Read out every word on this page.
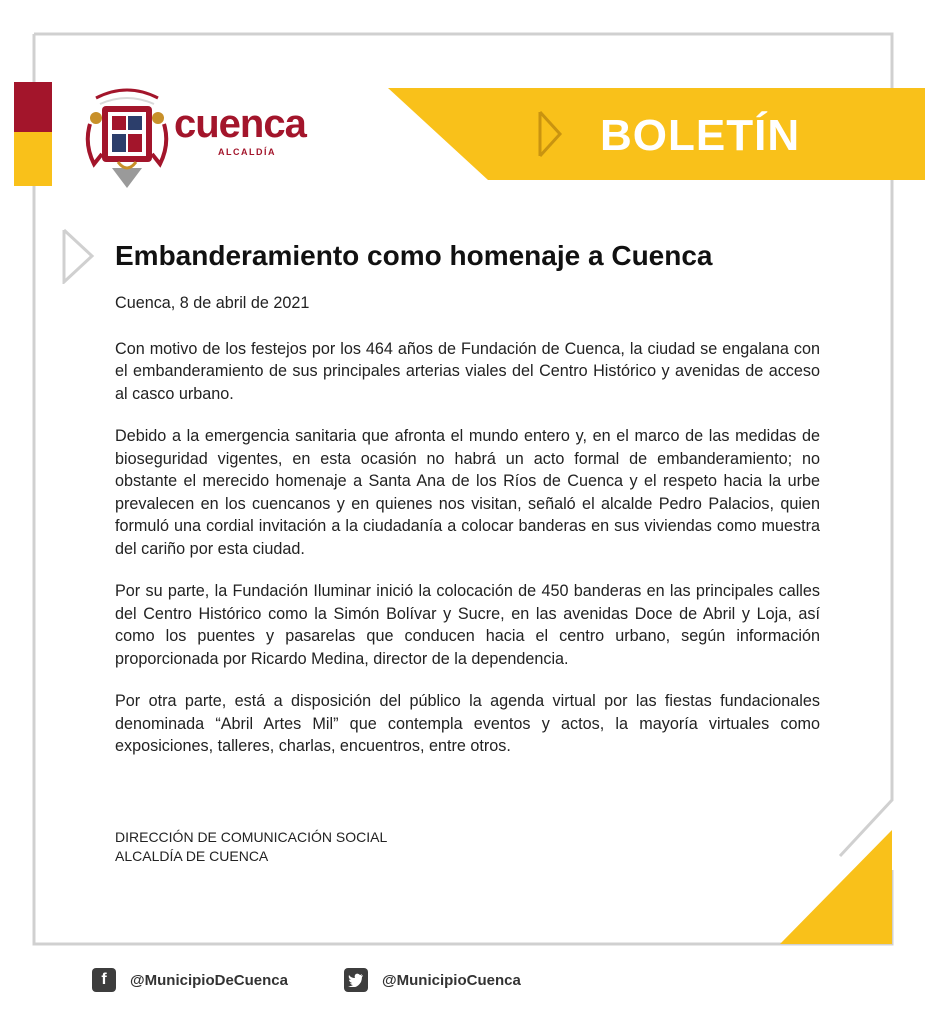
cuenca
ALCALDÍA	BOLETÍN
Embanderamiento como homenaje a Cuenca

Cuenca, 8 de abril de 2021

Con motivo de los festejos por los 464 años de Fundación de Cuenca, la ciudad se engalana con el embanderamiento de sus principales arterias viales del Centro Histórico y avenidas de acceso al casco urbano.

Debido a la emergencia sanitaria que afronta el mundo entero y, en el marco de las medidas de bioseguridad vigentes, en esta ocasión no habrá un acto formal de embanderamiento; no obstante el merecido homenaje a Santa Ana de los Ríos de Cuenca y el respeto hacia la urbe prevalecen en los cuencanos y en quienes nos visitan, señaló el alcalde Pedro Palacios, quien formuló una cordial invitación a la ciudadanía a colocar banderas en sus viviendas como muestra del cariño por esta ciudad.

Por su parte, la Fundación Iluminar inició la colocación de 450 banderas en las principales calles del Centro Histórico como la Simón Bolívar y Sucre, en las avenidas Doce de Abril y Loja, así como los puentes y pasarelas que conducen hacia el centro urbano, según información proporcionada por Ricardo Medina, director de la dependencia.

Por otra parte, está a disposición del público la agenda virtual por las fiestas fundacionales denominada “Abril Artes Mil” que contempla eventos y actos, la mayoría virtuales como exposiciones, talleres, charlas, encuentros, entre otros.

DIRECCIÓN DE COMUNICACIÓN SOCIAL
ALCALDÍA DE CUENCA
f	@MunicipioDeCuenca	@MunicipioCuenca
